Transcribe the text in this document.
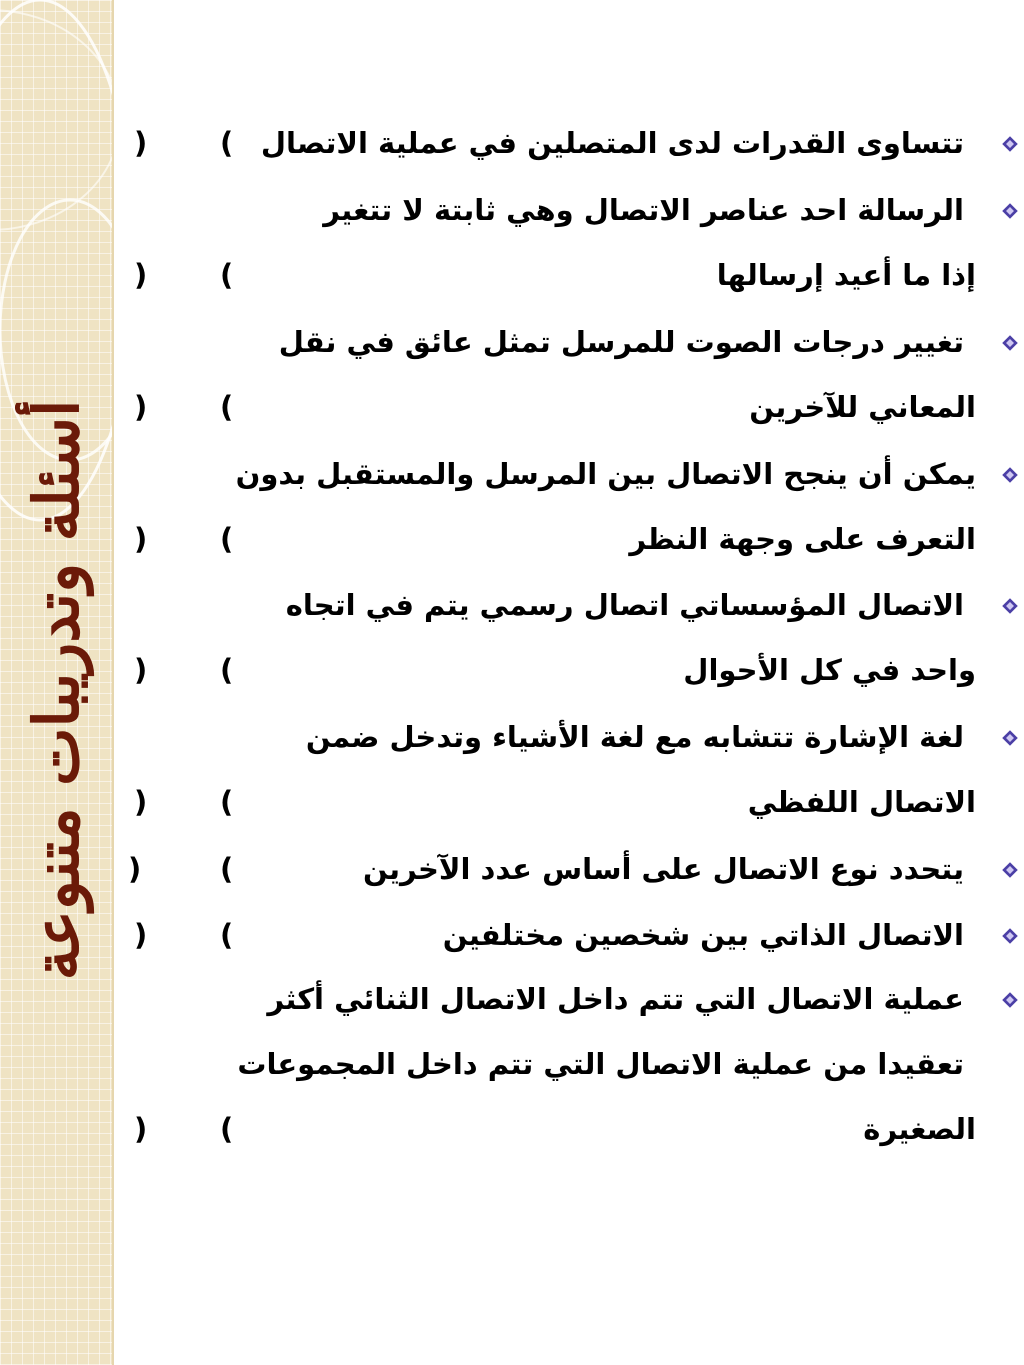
أسئلة وتدريبات متنوعة
تتساوى القدرات لدى المتصلين في عملية الاتصال
(
)
الرسالة احد عناصر الاتصال وهي ثابتة لا تتغير
إذا ما أعيد إرسالها
(
)
تغيير درجات الصوت للمرسل تمثل عائق في نقل
المعاني للآخرين
(
)
يمكن أن ينجح الاتصال بين المرسل والمستقبل بدون
التعرف على وجهة النظر
(
)
الاتصال المؤسساتي اتصال رسمي يتم في اتجاه
واحد في كل الأحوال
(
)
لغة الإشارة تتشابه مع لغة الأشياء وتدخل ضمن
الاتصال اللفظي
(
)
يتحدد نوع الاتصال على أساس عدد الآخرين
(
)
الاتصال الذاتي بين شخصين مختلفين
(
)
عملية الاتصال التي تتم داخل الاتصال الثنائي أكثر
تعقيدا من عملية الاتصال التي تتم داخل المجموعات
الصغيرة
(
)
